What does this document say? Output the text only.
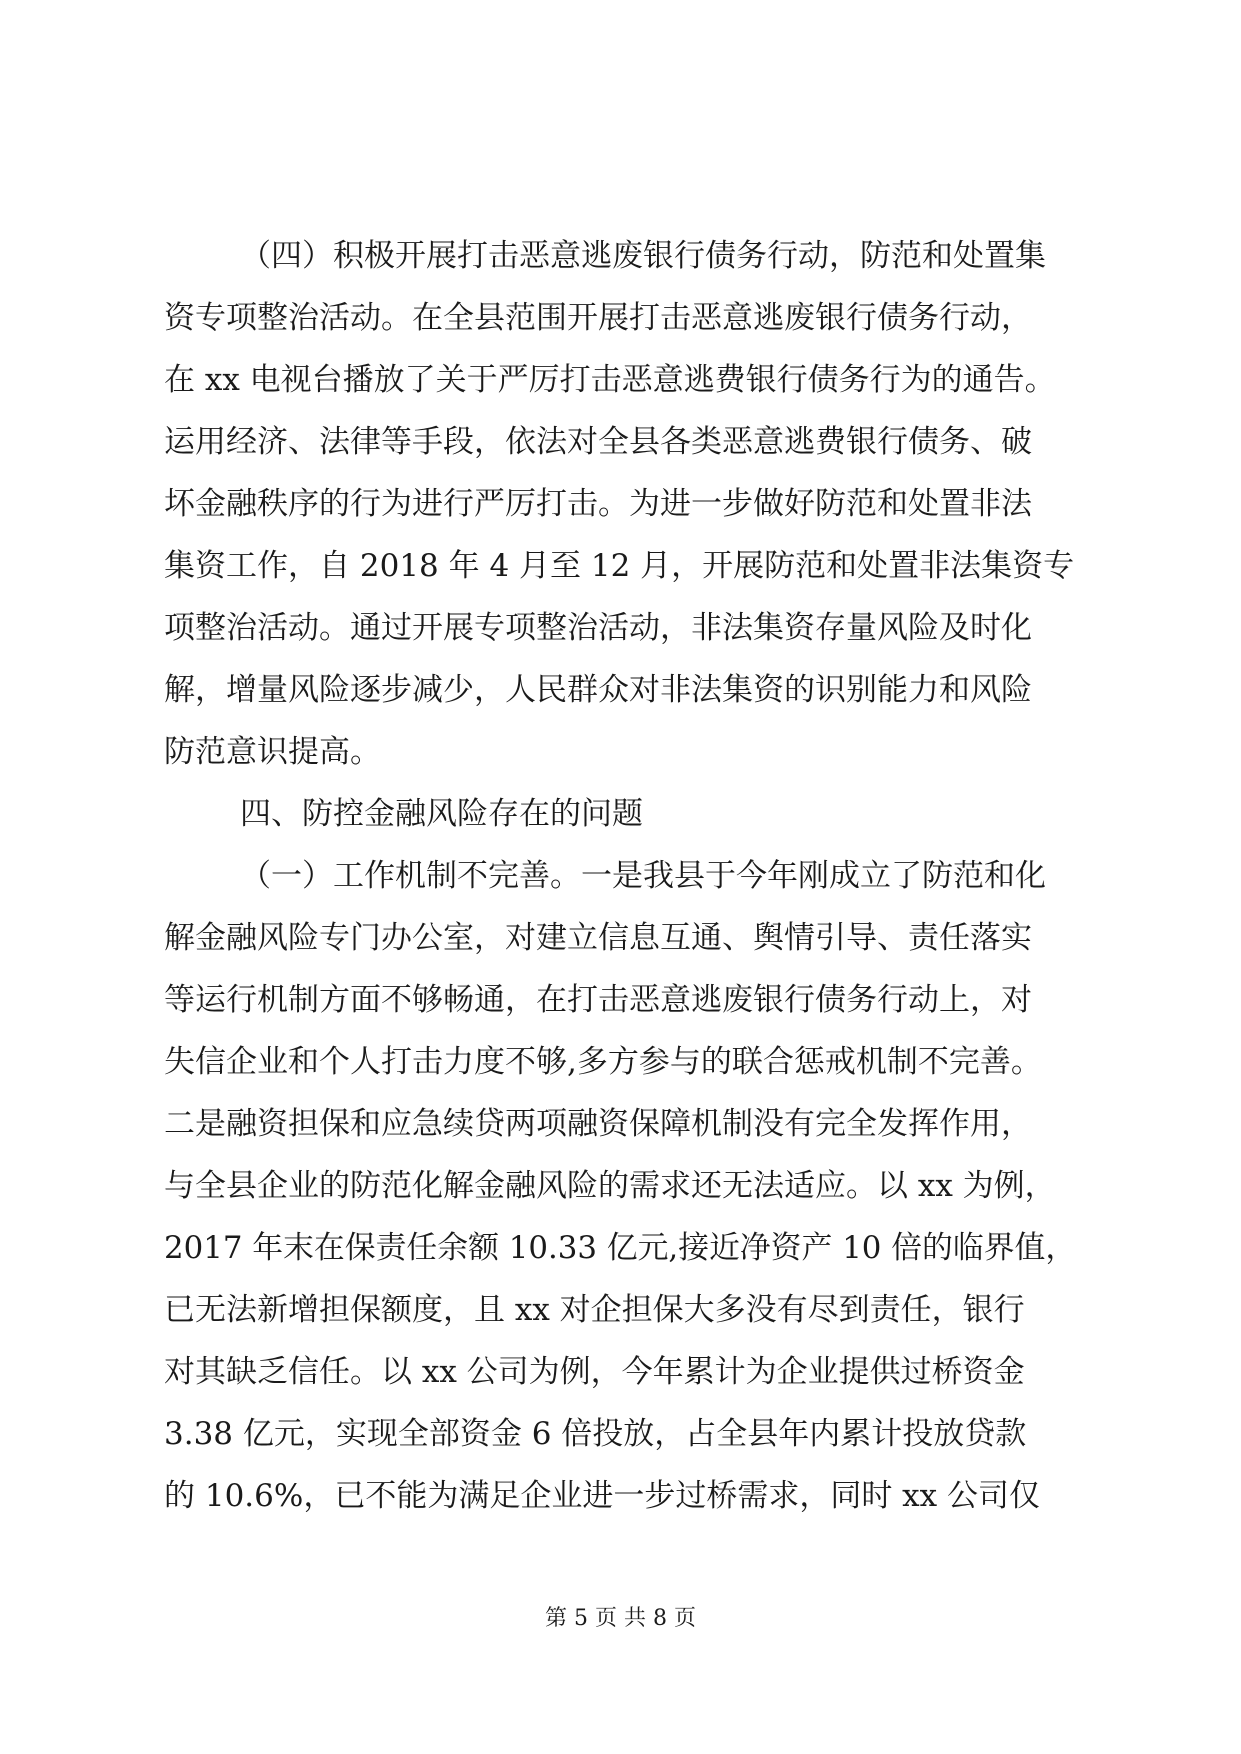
（四）积极开展打击恶意逃废银行债务行动，防范和处置集
资专项整治活动。在全县范围开展打击恶意逃废银行债务行动，
在 xx 电视台播放了关于严厉打击恶意逃费银行债务行为的通告。
运用经济、法律等手段，依法对全县各类恶意逃费银行债务、破
坏金融秩序的行为进行严厉打击。为进一步做好防范和处置非法
集资工作，自 2018 年 4 月至 12 月，开展防范和处置非法集资专
项整治活动。通过开展专项整治活动，非法集资存量风险及时化
解，增量风险逐步减少，人民群众对非法集资的识别能力和风险
防范意识提高。
四、防控金融风险存在的问题
（一）工作机制不完善。一是我县于今年刚成立了防范和化
解金融风险专门办公室，对建立信息互通、舆情引导、责任落实
等运行机制方面不够畅通，在打击恶意逃废银行债务行动上，对
失信企业和个人打击力度不够,多方参与的联合惩戒机制不完善。
二是融资担保和应急续贷两项融资保障机制没有完全发挥作用，
与全县企业的防范化解金融风险的需求还无法适应。以 xx 为例，
2017 年末在保责任余额 10.33 亿元,接近净资产 10 倍的临界值，
已无法新增担保额度，且 xx 对企担保大多没有尽到责任，银行
对其缺乏信任。以 xx 公司为例，今年累计为企业提供过桥资金
3.38 亿元，实现全部资金 6 倍投放，占全县年内累计投放贷款
的 10.6%，已不能为满足企业进一步过桥需求，同时 xx 公司仅
第 5 页 共 8 页
